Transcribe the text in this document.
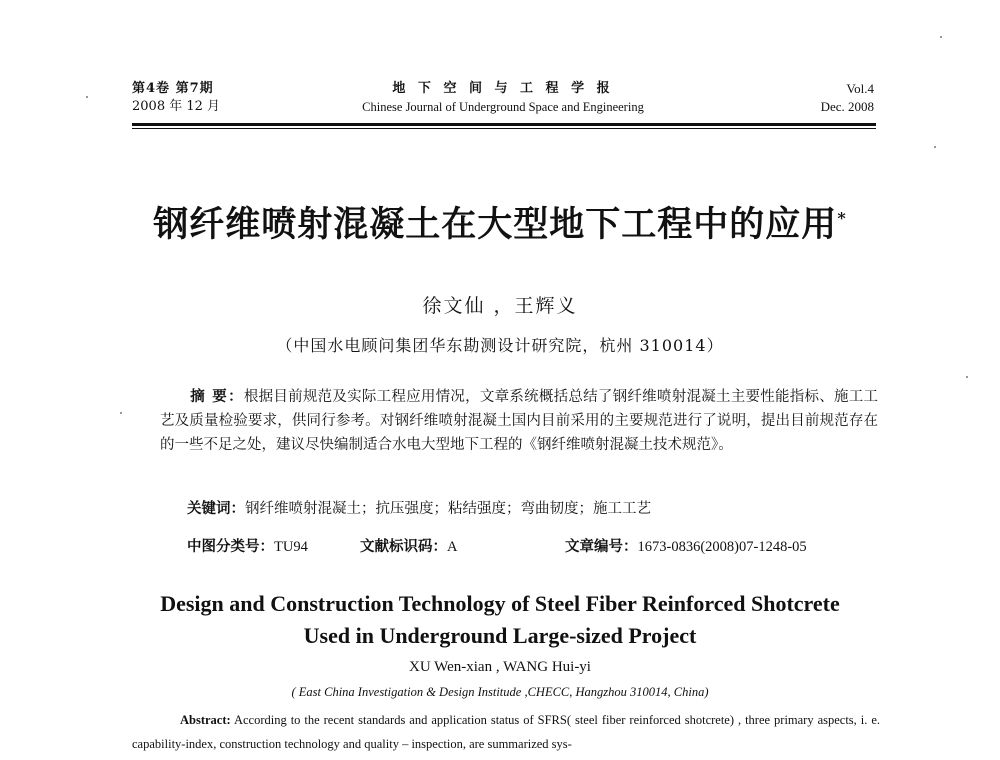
第4卷 第7期
2008 年 12 月
地 下 空 间 与 工 程 学 报
Chinese Journal of Underground Space and Engineering
Vol.4
Dec. 2008
钢纤维喷射混凝土在大型地下工程中的应用*
徐文仙 ，王辉义
（中国水电顾问集团华东勘测设计研究院，杭州 310014）
摘 要：根据目前规范及实际工程应用情况，文章系统概括总结了钢纤维喷射混凝土主要性能指标、施工工艺及质量检验要求，供同行参考。对钢纤维喷射混凝土国内目前采用的主要规范进行了说明，提出目前规范存在的一些不足之处，建议尽快编制适合水电大型地下工程的《钢纤维喷射混凝土技术规范》。
关键词：钢纤维喷射混凝土；抗压强度；粘结强度；弯曲韧度；施工工艺
中图分类号：TU94	文献标识码：A	文章编号：1673-0836(2008)07-1248-05
Design and Construction Technology of Steel Fiber Reinforced Shotcrete
Used in Underground Large-sized Project
XU Wen-xian , WANG Hui-yi
( East China Investigation & Design Institude ,CHECC, Hangzhou 310014, China)
Abstract: According to the recent standards and application status of SFRS( steel fiber reinforced shotcrete) , three primary aspects, i. e. capability-index, construction technology and quality – inspection, are summarized sys-
